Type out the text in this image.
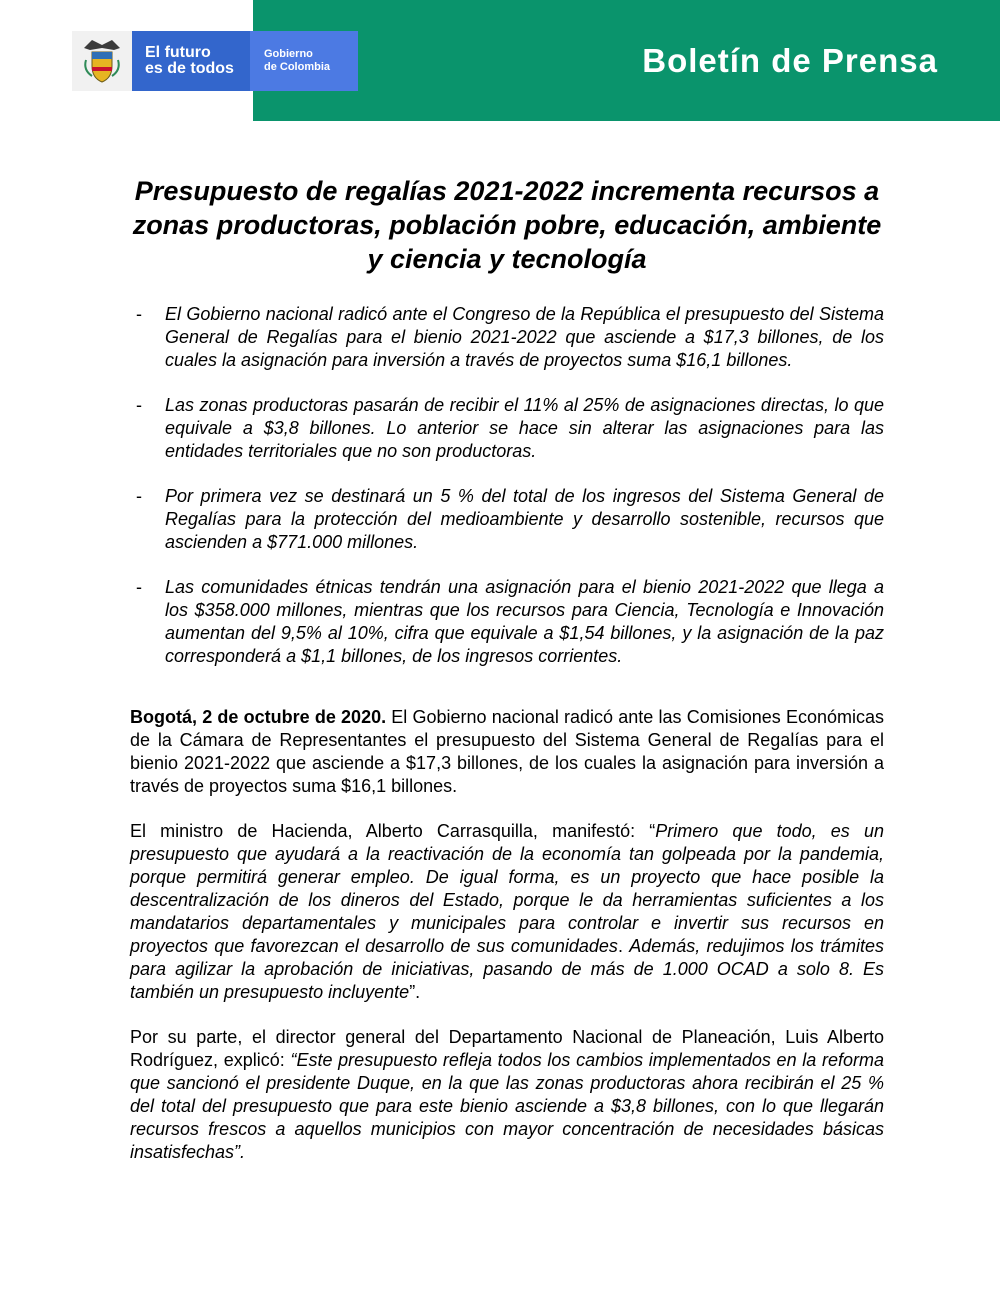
Boletín de Prensa
El futuro
es de todos
Gobierno
de Colombia
Presupuesto de regalías 2021-2022 incrementa recursos a zonas productoras, población pobre, educación, ambiente y ciencia y tecnología
- El Gobierno nacional radicó ante el Congreso de la República el presupuesto del Sistema General de Regalías para el bienio 2021-2022 que asciende a $17,3 billones, de los cuales la asignación para inversión a través de proyectos suma $16,1 billones.
- Las zonas productoras pasarán de recibir el 11% al 25% de asignaciones directas, lo que equivale a $3,8 billones. Lo anterior se hace sin alterar las asignaciones para las entidades territoriales que no son productoras.
- Por primera vez se destinará un 5 % del total de los ingresos del Sistema General de Regalías para la protección del medioambiente y desarrollo sostenible, recursos que ascienden a $771.000 millones.
- Las comunidades étnicas tendrán una asignación para el bienio 2021-2022 que llega a los $358.000 millones, mientras que los recursos para Ciencia, Tecnología e Innovación aumentan del 9,5% al 10%, cifra que equivale a $1,54 billones, y la asignación de la paz corresponderá a $1,1 billones, de los ingresos corrientes.

Bogotá, 2 de octubre de 2020. El Gobierno nacional radicó ante las Comisiones Económicas de la Cámara de Representantes el presupuesto del Sistema General de Regalías para el bienio 2021-2022 que asciende a $17,3 billones, de los cuales la asignación para inversión a través de proyectos suma $16,1 billones.

El ministro de Hacienda, Alberto Carrasquilla, manifestó: “Primero que todo, es un presupuesto que ayudará a la reactivación de la economía tan golpeada por la pandemia, porque permitirá generar empleo. De igual forma, es un proyecto que hace posible la descentralización de los dineros del Estado, porque le da herramientas suficientes a los mandatarios departamentales y municipales para controlar e invertir sus recursos en proyectos que favorezcan el desarrollo de sus comunidades. Además, redujimos los trámites para agilizar la aprobación de iniciativas, pasando de más de 1.000 OCAD a solo 8. Es también un presupuesto incluyente”.

Por su parte, el director general del Departamento Nacional de Planeación, Luis Alberto Rodríguez, explicó: “Este presupuesto refleja todos los cambios implementados en la reforma que sancionó el presidente Duque, en la que las zonas productoras ahora recibirán el 25 % del total del presupuesto que para este bienio asciende a $3,8 billones, con lo que llegarán recursos frescos a aquellos municipios con mayor concentración de necesidades básicas insatisfechas”.
